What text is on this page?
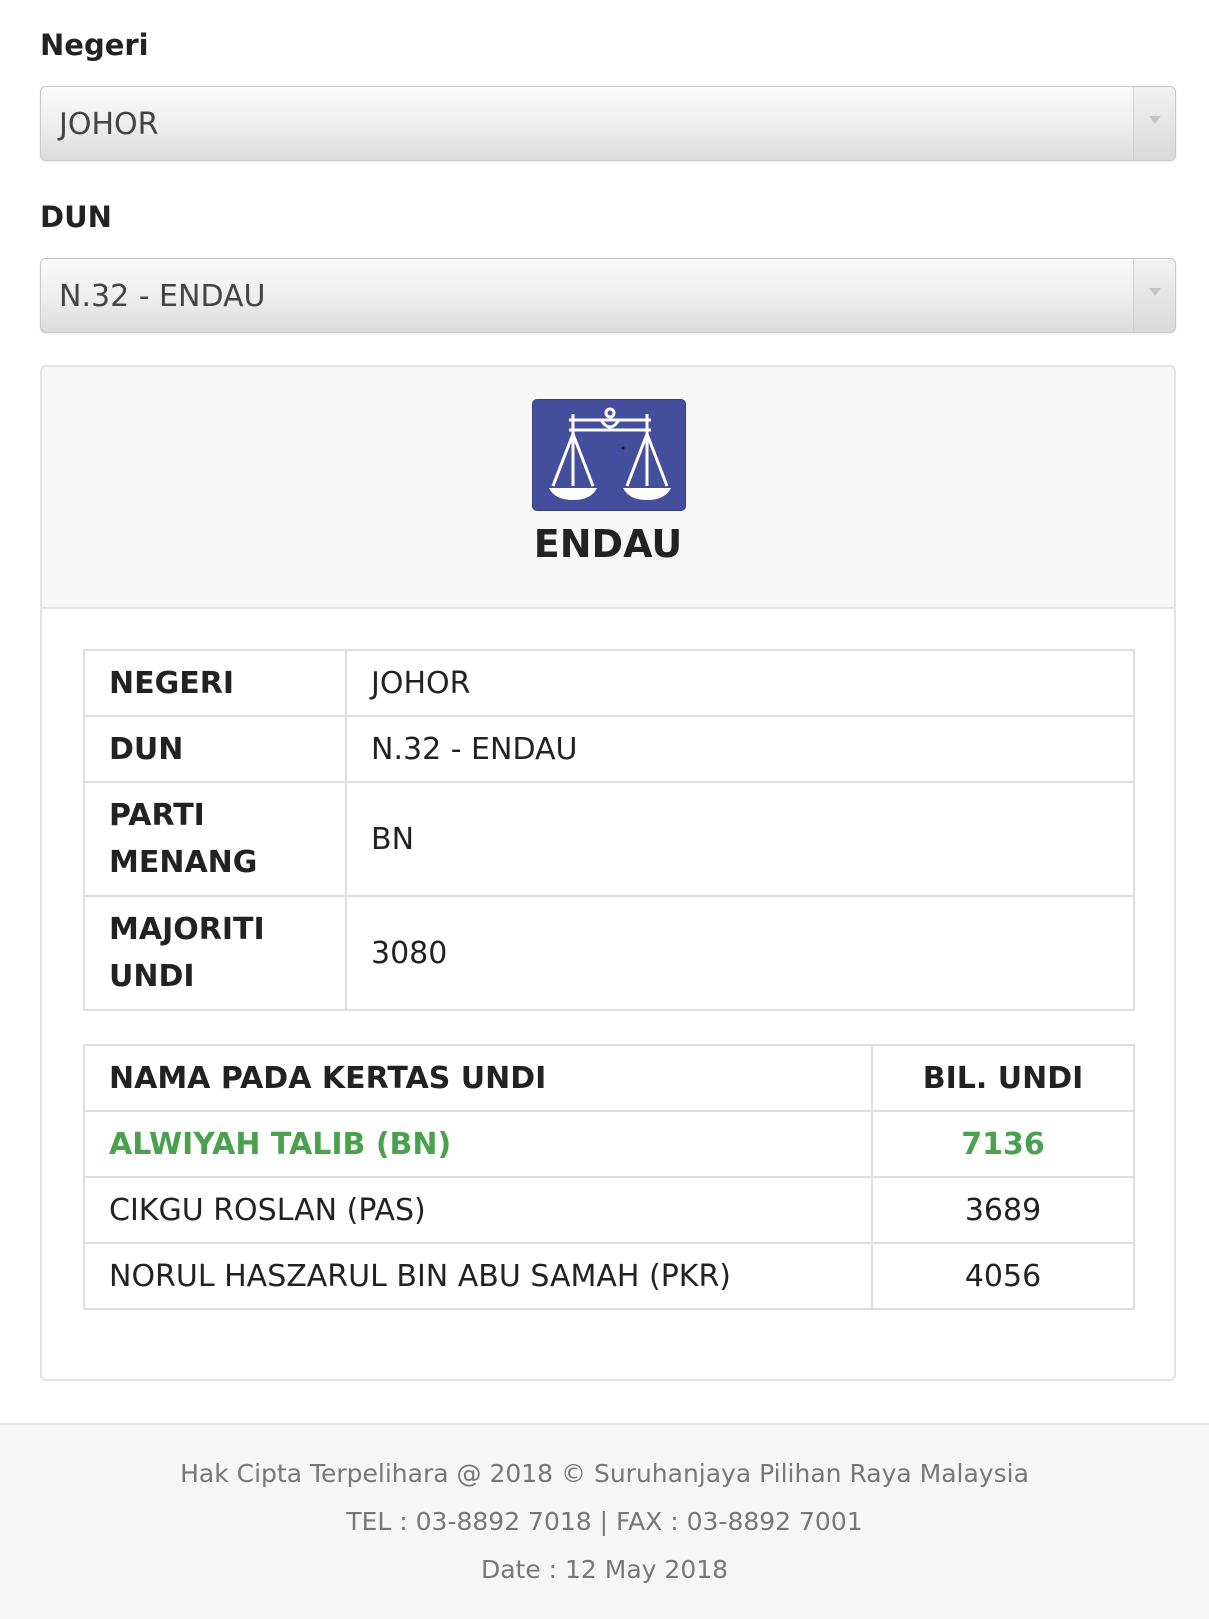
Negeri
JOHOR
DUN
N.32 - ENDAU
ENDAU
NEGERI	JOHOR
DUN	N.32 - ENDAU

PARTI
MENANG	BN

MAJORITI
UNDI	3080
NAMA PADA KERTAS UNDI	BIL. UNDI
ALWIYAH TALIB (BN)	7136
CIKGU ROSLAN (PAS)	3689
NORUL HASZARUL BIN ABU SAMAH (PKR)	4056
Hak Cipta Terpelihara @ 2018 © Suruhanjaya Pilihan Raya Malaysia
TEL : 03-8892 7018 | FAX : 03-8892 7001
Date : 12 May 2018
